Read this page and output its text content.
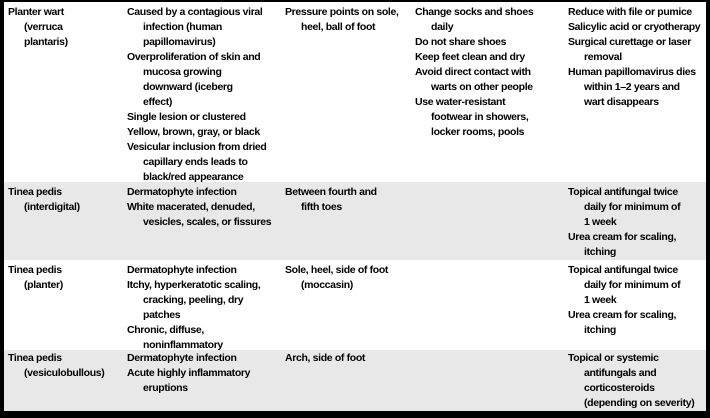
Planter wart
(verruca
plantaris)
Caused by a contagious viral
infection (human
papillomavirus)
Overproliferation of skin and
mucosa growing
downward (iceberg
effect)
Single lesion or clustered
Yellow, brown, gray, or black
Vesicular inclusion from dried
capillary ends leads to
black/red appearance
Pressure points on sole,
heel, ball of foot
Change socks and shoes
daily
Do not share shoes
Keep feet clean and dry
Avoid direct contact with
warts on other people
Use water-resistant
footwear in showers,
locker rooms, pools
Reduce with file or pumice
Salicylic acid or cryotherapy
Surgical curettage or laser
removal
Human papillomavirus dies
within 1–2 years and
wart disappears
Tinea pedis
(interdigital)
Dermatophyte infection
White macerated, denuded,
vesicles, scales, or fissures
Between fourth and
fifth toes
Topical antifungal twice
daily for minimum of
1 week
Urea cream for scaling,
itching
Tinea pedis
(planter)
Dermatophyte infection
Itchy, hyperkeratotic scaling,
cracking, peeling, dry
patches
Chronic, diffuse,
noninflammatory
Sole, heel, side of foot
(moccasin)
Topical antifungal twice
daily for minimum of
1 week
Urea cream for scaling,
itching
Tinea pedis
(vesiculobullous)
Dermatophyte infection
Acute highly inflammatory
eruptions
Arch, side of foot	Topical or systemic
antifungals and
corticosteroids
(depending on severity)
